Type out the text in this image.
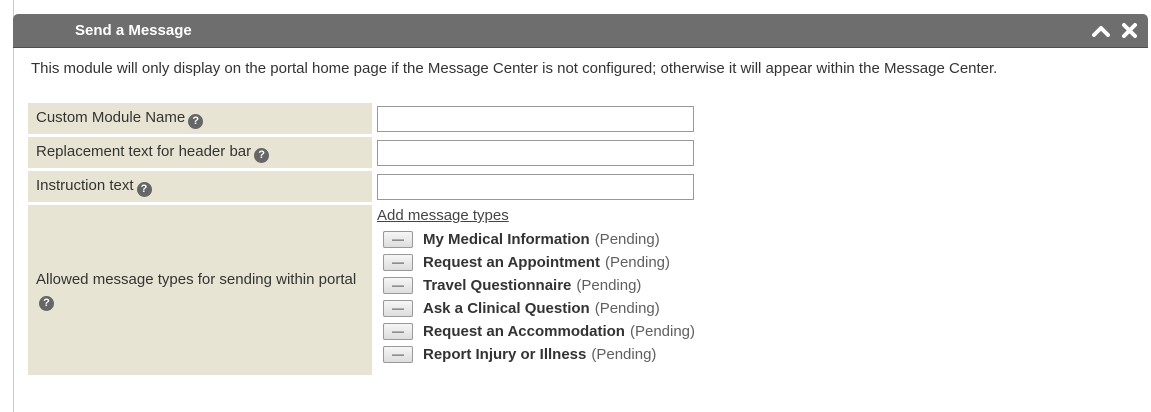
Send a Message

This module will only display on the portal home page if the Message Center is not configured; otherwise it will appear within the Message Center.

Custom Module Name ?	
Replacement text for header bar ?	
Instruction text ?	
Allowed message types for sending within portal?	Add message types
—	My Medical Information (Pending)
—	Request an Appointment (Pending)
—	Travel Questionnaire (Pending)
—	Ask a Clinical Question (Pending)
—	Request an Accommodation (Pending)
—	Report Injury or Illness (Pending)
